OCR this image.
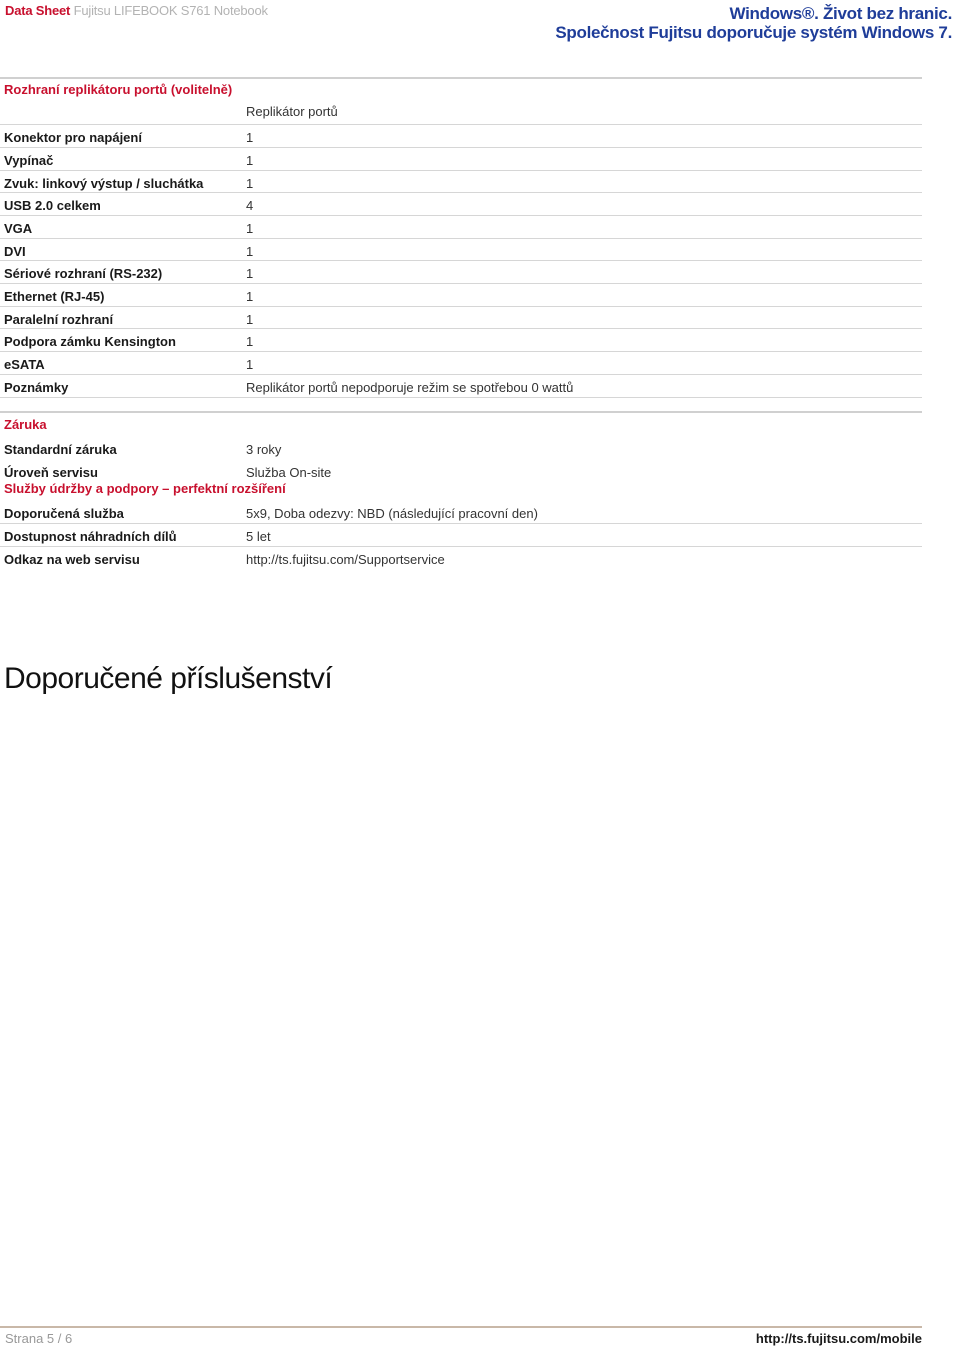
Data Sheet Fujitsu LIFEBOOK S761 Notebook	Windows®. Život bez hranic.
Společnost Fujitsu doporučuje systém Windows 7.
Rozhraní replikátoru portů (volitelně)
Replikátor portů
Konektor pro napájení	1
Vypínač	1
Zvuk: linkový výstup / sluchátka	1
USB 2.0 celkem	4
VGA	1
DVI	1
Sériové rozhraní (RS-232)	1
Ethernet (RJ-45)	1
Paralelní rozhraní	1
Podpora zámku Kensington	1
eSATA	1
Poznámky	Replikátor portů nepodporuje režim se spotřebou 0 wattů
Záruka
Standardní záruka	3 roky
Úroveň servisu	Služba On-site
Služby údržby a podpory – perfektní rozšíření
Doporučená služba	5x9, Doba odezvy: NBD (následující pracovní den)
Dostupnost náhradních dílů	5 let
Odkaz na web servisu	http://ts.fujitsu.com/Supportservice
Doporučené příslušenství
Strana 5 / 6	http://ts.fujitsu.com/mobile
